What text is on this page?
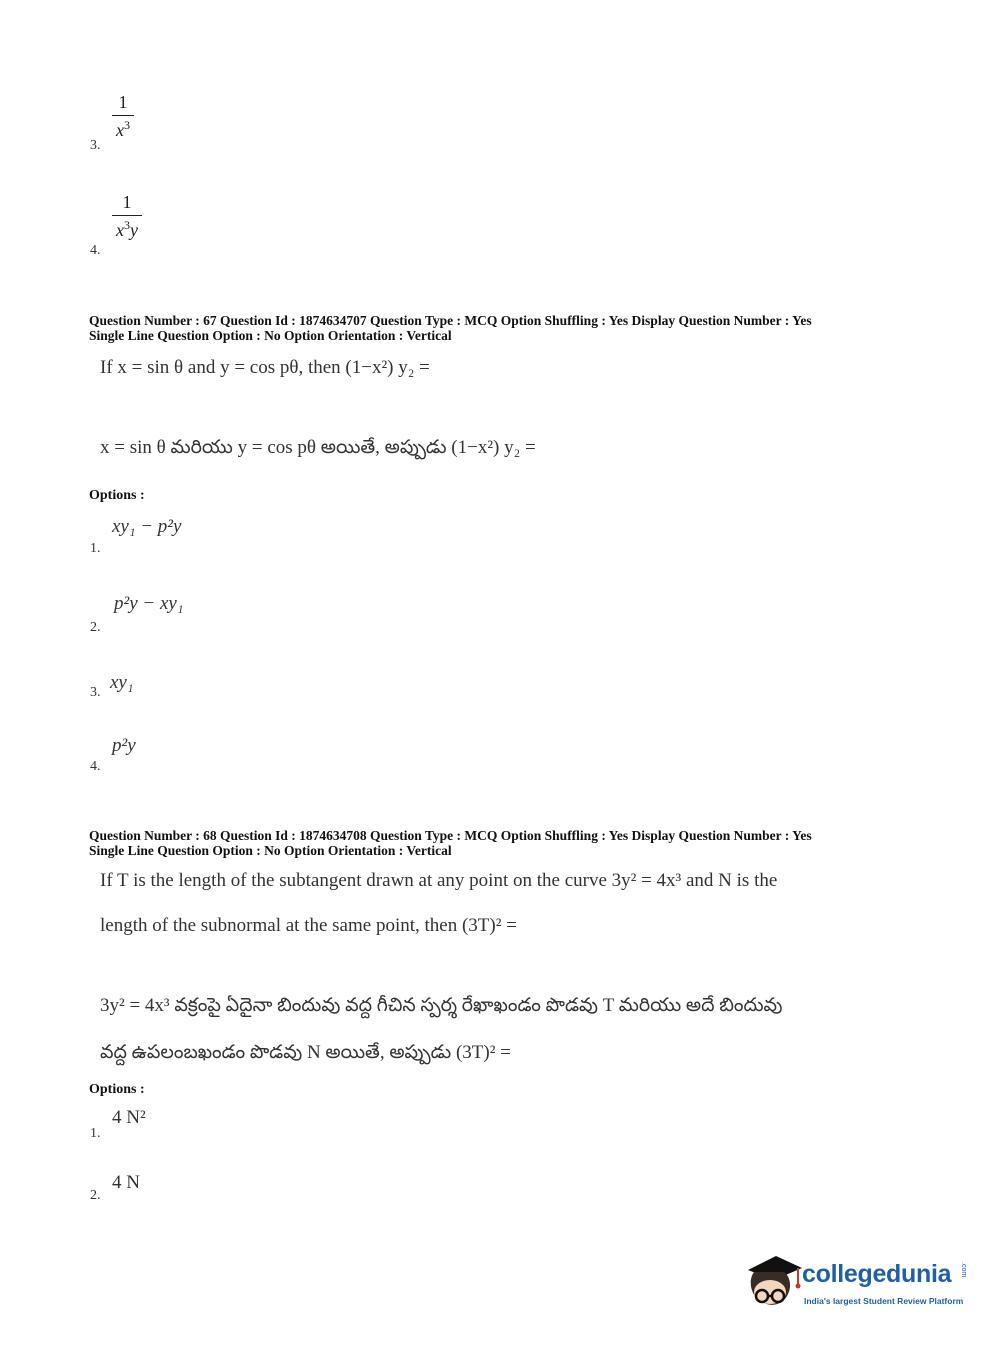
$\frac{1}{x^3}$
3.
$\frac{1}{x^3y}$
4.
Question Number : 67 Question Id : 1874634707 Question Type : MCQ Option Shuffling : Yes Display Question Number : Yes
Single Line Question Option : No Option Orientation : Vertical
If x = sin θ and y = cos pθ, then (1−x²) y₂ =
x = sin θ మరియు y = cos pθ అయితే, అప్పుడు (1−x²) y₂ =
Options :
xy₁ − p²y
1.
p²y − xy₁
2.
xy₁
3.
p²y
4.
Question Number : 68 Question Id : 1874634708 Question Type : MCQ Option Shuffling : Yes Display Question Number : Yes
Single Line Question Option : No Option Orientation : Vertical
If T is the length of the subtangent drawn at any point on the curve 3y² = 4x³ and N is the
length of the subnormal at the same point, then (3T)² =
3y² = 4x³ వక్రంపై ఏదైనా బిందువు వద్ద గీచిన స్పర్శ రేఖాఖండం పొడవు T మరియు అదే బిందువు
వద్ద ఉపలంబఖండం పొడవు N అయితే, అప్పుడు (3T)² =
Options :
4 N²
1.
4 N
2.
collegedunia .com
India's largest Student Review Platform
